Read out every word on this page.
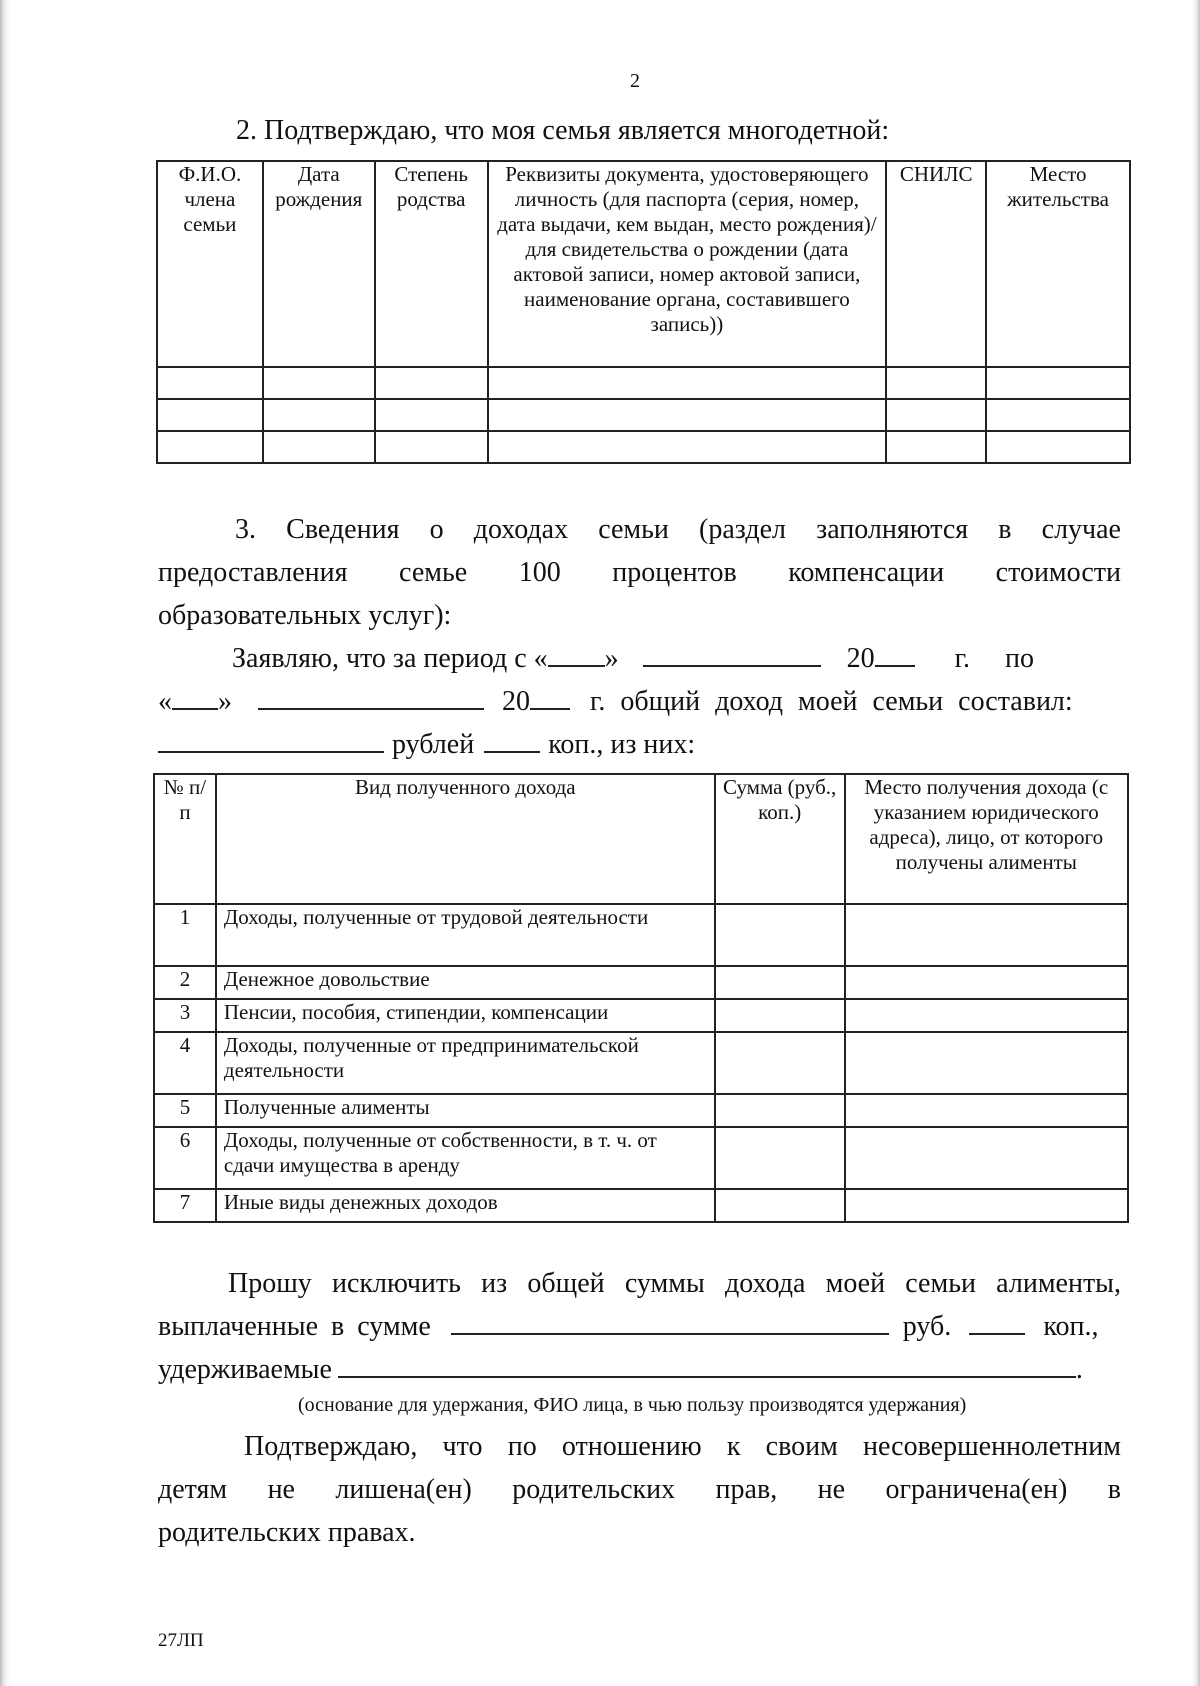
2
2. Подтверждаю, что моя семья является многодетной:
Ф.И.О. члена семьи	Дата рождения	Степень родства	Реквизиты документа, удостоверяющего личность (для паспорта (серия, номер, дата выдачи, кем выдан, место рождения)/для свидетельства о рождении (дата актовой записи, номер актовой записи, наименование органа, составившего запись))	СНИЛС	Место жительства

3. Сведения о доходах семьи (раздел заполняются в случае
предоставления семье 100 процентов компенсации стоимости
образовательных услуг):
Заявляю, что за период с « »	20	г. по
« »	20 г. общий доход моей семьи составил:
рублей	коп., из них:
№ п/п	Вид полученного дохода	Сумма (руб., коп.)	Место получения дохода (с указанием юридического адреса), лицо, от которого получены алименты
1	Доходы, полученные от трудовой деятельности		
2	Денежное довольствие		
3	Пенсии, пособия, стипендии, компенсации		
4	Доходы, полученные от предпринимательской деятельности		
5	Полученные алименты		
6	Доходы, полученные от собственности, в т. ч. от сдачи имущества в аренду		
7	Иные виды денежных доходов		
Прошу исключить из общей суммы дохода моей семьи алименты,
выплаченные в сумме	руб.	коп.,
удерживаемые	.
(основание для удержания, ФИО лица, в чью пользу производятся удержания)
Подтверждаю, что по отношению к своим несовершеннолетним
детям не лишена(ен) родительских прав, не ограничена(ен) в
родительских правах.
27ЛП
